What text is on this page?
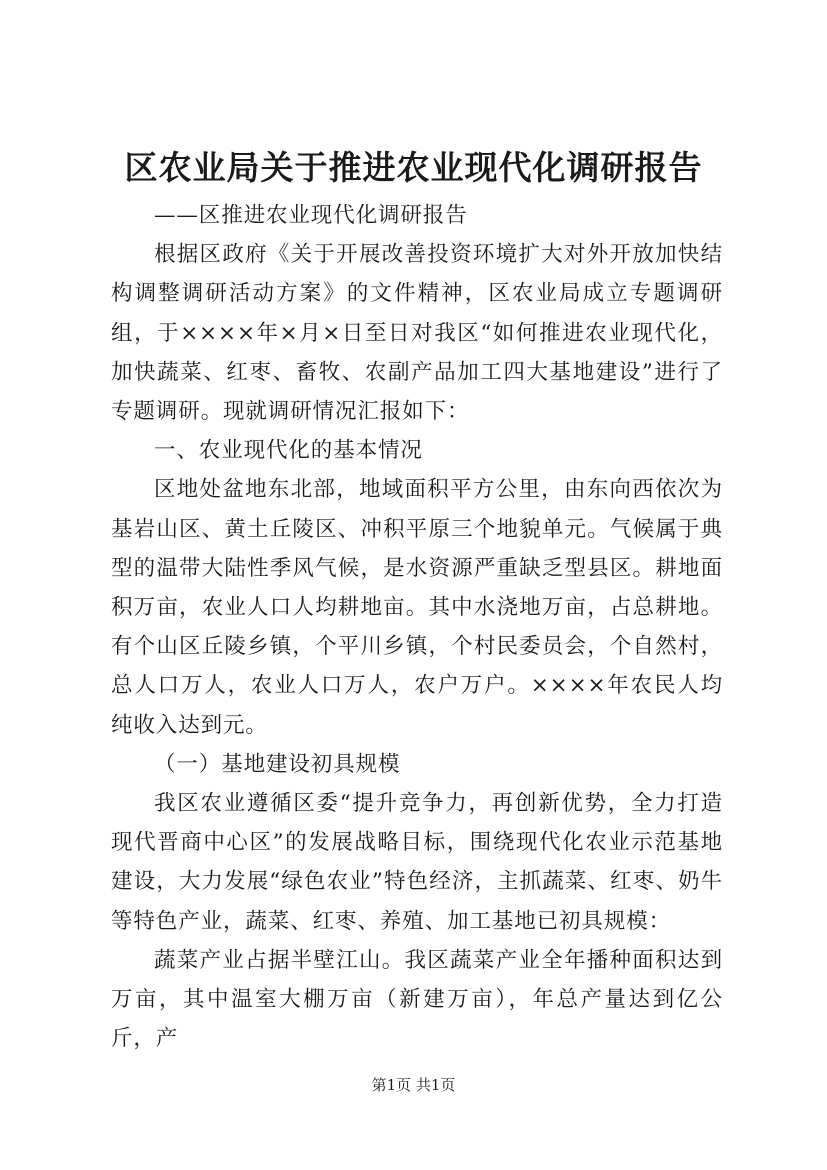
区农业局关于推进农业现代化调研报告

——区推进农业现代化调研报告

根据区政府《关于开展改善投资环境扩大对外开放加快结构调整调研活动方案》的文件精神，区农业局成立专题调研组，于××××年×月×日至日对我区“如何推进农业现代化，加快蔬菜、红枣、畜牧、农副产品加工四大基地建设”进行了专题调研。现就调研情况汇报如下：

一、农业现代化的基本情况

区地处盆地东北部，地域面积平方公里，由东向西依次为基岩山区、黄土丘陵区、冲积平原三个地貌单元。气候属于典型的温带大陆性季风气候，是水资源严重缺乏型县区。耕地面积万亩，农业人口人均耕地亩。其中水浇地万亩，占总耕地。有个山区丘陵乡镇，个平川乡镇，个村民委员会，个自然村，总人口万人，农业人口万人，农户万户。××××年农民人均纯收入达到元。

（一）基地建设初具规模

我区农业遵循区委“提升竞争力，再创新优势，全力打造现代晋商中心区”的发展战略目标，围绕现代化农业示范基地建设，大力发展“绿色农业”特色经济，主抓蔬菜、红枣、奶牛等特色产业，蔬菜、红枣、养殖、加工基地已初具规模：

蔬菜产业占据半壁江山。我区蔬菜产业全年播种面积达到万亩，其中温室大棚万亩（新建万亩），年总产量达到亿公斤，产

第1页 共1页
